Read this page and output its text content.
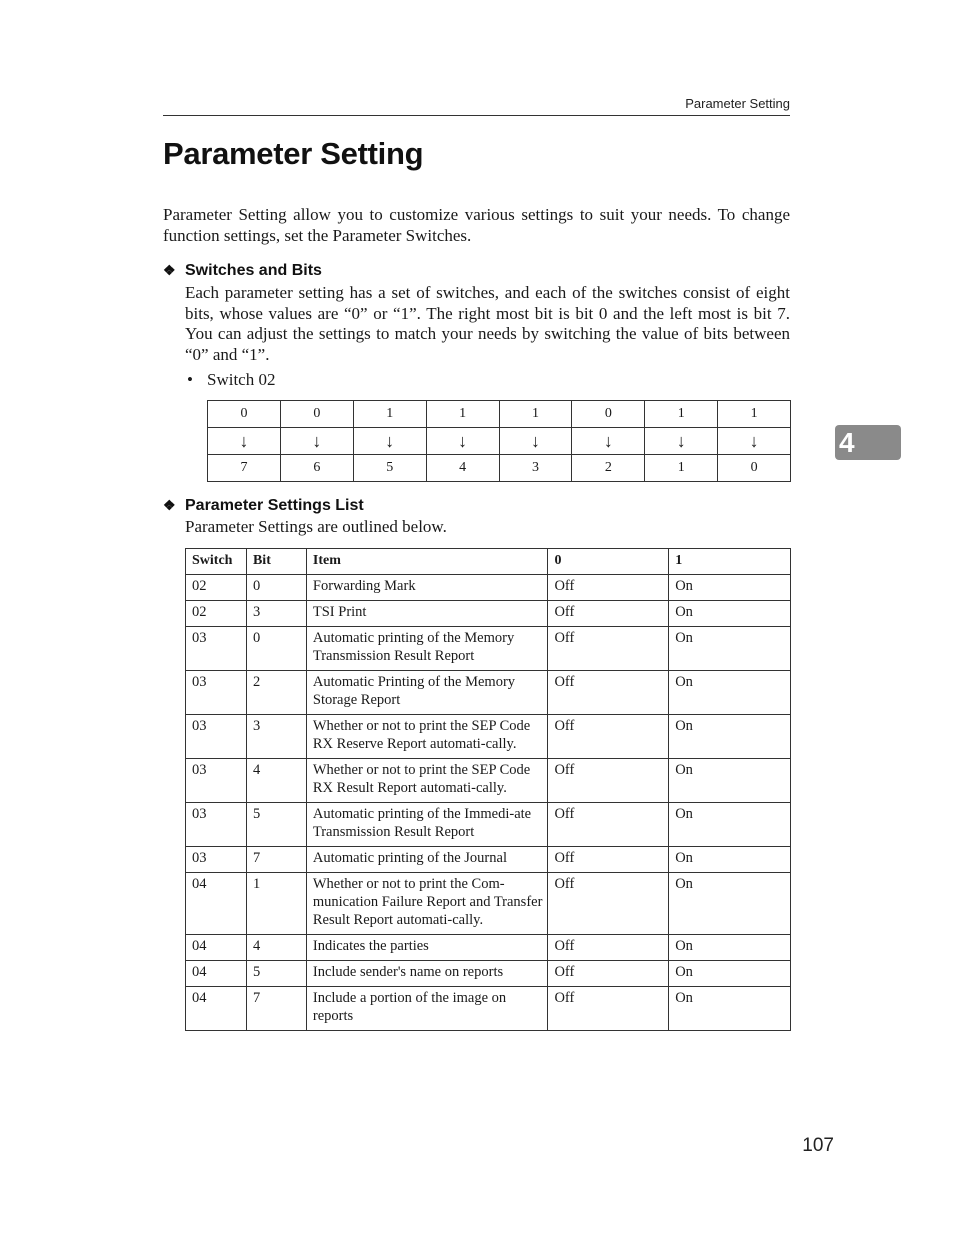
Parameter Setting
Parameter Setting
Parameter Setting allow you to customize various settings to suit your needs. To change function settings, set the Parameter Switches.
❖ Switches and Bits
Each parameter setting has a set of switches, and each of the switches consist of eight bits, whose values are “0” or “1”. The right most bit is bit 0 and the left most is bit 7. You can adjust the settings to match your needs by switching the value of bits between “0” and “1”.
• Switch 02
0	0	1	1	1	0	1	1
↓	↓	↓	↓	↓	↓	↓	↓
7	6	5	4	3	2	1	0
❖ Parameter Settings List
Parameter Settings are outlined below.
Switch	Bit	Item	0	1
02	0	Forwarding Mark	Off	On
02	3	TSI Print	Off	On
03	0	Automatic printing of the Memory Transmission Result Report	Off	On
03	2	Automatic Printing of the Memory Storage Report	Off	On
03	3	Whether or not to print the SEP Code RX Reserve Report automati-cally.	Off	On
03	4	Whether or not to print the SEP Code RX Result Report automati-cally.	Off	On
03	5	Automatic printing of the Immedi-ate Transmission Result Report	Off	On
03	7	Automatic printing of the Journal	Off	On
04	1	Whether or not to print the Com-munication Failure Report and Transfer Result Report automati-cally.	Off	On
04	4	Indicates the parties	Off	On
04	5	Include sender's name on reports	Off	On
04	7	Include a portion of the image on reports	Off	On
4
107
